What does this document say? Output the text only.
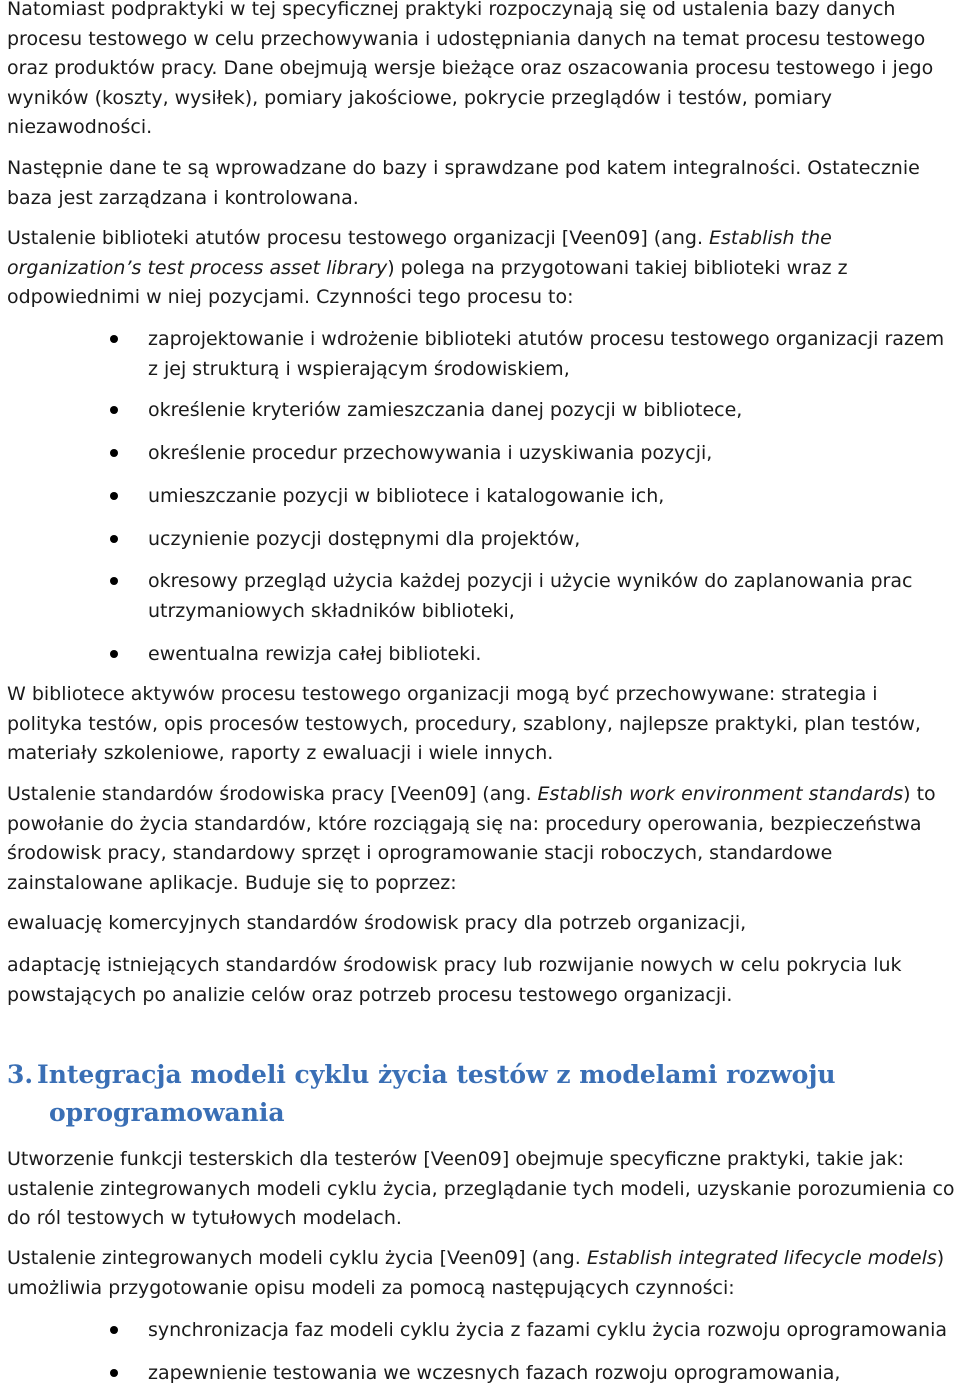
Natomiast podpraktyki w tej specyficznej praktyki rozpoczynają się od ustalenia bazy danych procesu testowego w celu przechowywania i udostępniania danych na temat procesu testowego oraz produktów pracy. Dane obejmują wersje bieżące oraz oszacowania procesu testowego i jego wyników (koszty, wysiłek), pomiary jakościowe, pokrycie przeglądów i testów, pomiary niezawodności.

Następnie dane te są wprowadzane do bazy i sprawdzane pod katem integralności. Ostatecznie baza jest zarządzana i kontrolowana.

Ustalenie biblioteki atutów procesu testowego organizacji [Veen09] (ang. Establish the organization’s test process asset library) polega na przygotowani takiej biblioteki wraz z odpowiednimi w niej pozycjami. Czynności tego procesu to:

zaprojektowanie i wdrożenie biblioteki atutów procesu testowego organizacji razem z jej strukturą i wspierającym środowiskiem,
określenie kryteriów zamieszczania danej pozycji w bibliotece,
określenie procedur przechowywania i uzyskiwania pozycji,
umieszczanie pozycji w bibliotece i katalogowanie ich,
uczynienie pozycji dostępnymi dla projektów,
okresowy przegląd użycia każdej pozycji i użycie wyników do zaplanowania prac utrzymaniowych składników biblioteki,
ewentualna rewizja całej biblioteki.

W bibliotece aktywów procesu testowego organizacji mogą być przechowywane: strategia i polityka testów, opis procesów testowych, procedury, szablony, najlepsze praktyki, plan testów, materiały szkoleniowe, raporty z ewaluacji i wiele innych.

Ustalenie standardów środowiska pracy [Veen09] (ang. Establish work environment standards) to powołanie do życia standardów, które rozciągają się na: procedury operowania, bezpieczeństwa środowisk pracy, standardowy sprzęt i oprogramowanie stacji roboczych, standardowe zainstalowane aplikacje. Buduje się to poprzez:

ewaluację komercyjnych standardów środowisk pracy dla potrzeb organizacji,

adaptację istniejących standardów środowisk pracy lub rozwijanie nowych w celu pokrycia luk powstających po analizie celów oraz potrzeb procesu testowego organizacji.

3. Integracja modeli cyklu życia testów z modelami rozwoju
oprogramowania

Utworzenie funkcji testerskich dla testerów [Veen09] obejmuje specyficzne praktyki, takie jak: ustalenie zintegrowanych modeli cyklu życia, przeglądanie tych modeli, uzyskanie porozumienia co do ról testowych w tytułowych modelach.

Ustalenie zintegrowanych modeli cyklu życia [Veen09] (ang. Establish integrated lifecycle models) umożliwia przygotowanie opisu modeli za pomocą następujących czynności:

synchronizacja faz modeli cyklu życia z fazami cyklu życia rozwoju oprogramowania
zapewnienie testowania we wczesnych fazach rozwoju oprogramowania,
